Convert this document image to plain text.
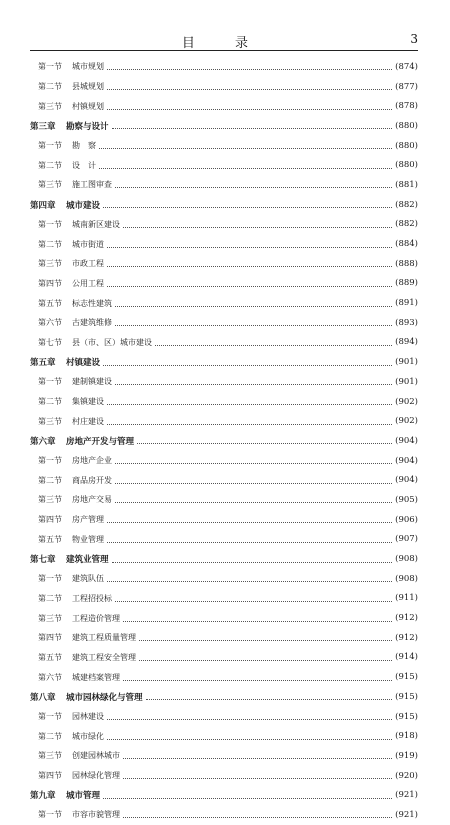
目 录	3
第一节 城市规划	(874)
第二节 县城规划	(877)
第三节 村镇规划	(878)
第三章 勘察与设计	(880)
第一节 勘　察	(880)
第二节 设　计	(880)
第三节 施工图审查	(881)
第四章 城市建设	(882)
第一节 城南新区建设	(882)
第二节 城市街道	(884)
第三节 市政工程	(888)
第四节 公用工程	(889)
第五节 标志性建筑	(891)
第六节 古建筑维修	(893)
第七节 县（市、区）城市建设	(894)
第五章 村镇建设	(901)
第一节 建制镇建设	(901)
第二节 集镇建设	(902)
第三节 村庄建设	(902)
第六章 房地产开发与管理	(904)
第一节 房地产企业	(904)
第二节 商品房开发	(904)
第三节 房地产交易	(905)
第四节 房产管理	(906)
第五节 物业管理	(907)
第七章 建筑业管理	(908)
第一节 建筑队伍	(908)
第二节 工程招投标	(911)
第三节 工程造价管理	(912)
第四节 建筑工程质量管理	(912)
第五节 建筑工程安全管理	(914)
第六节 城建档案管理	(915)
第八章 城市园林绿化与管理	(915)
第一节 园林建设	(915)
第二节 城市绿化	(918)
第三节 创建园林城市	(919)
第四节 园林绿化管理	(920)
第九章 城市管理	(921)
第一节 市容市貌管理	(921)
